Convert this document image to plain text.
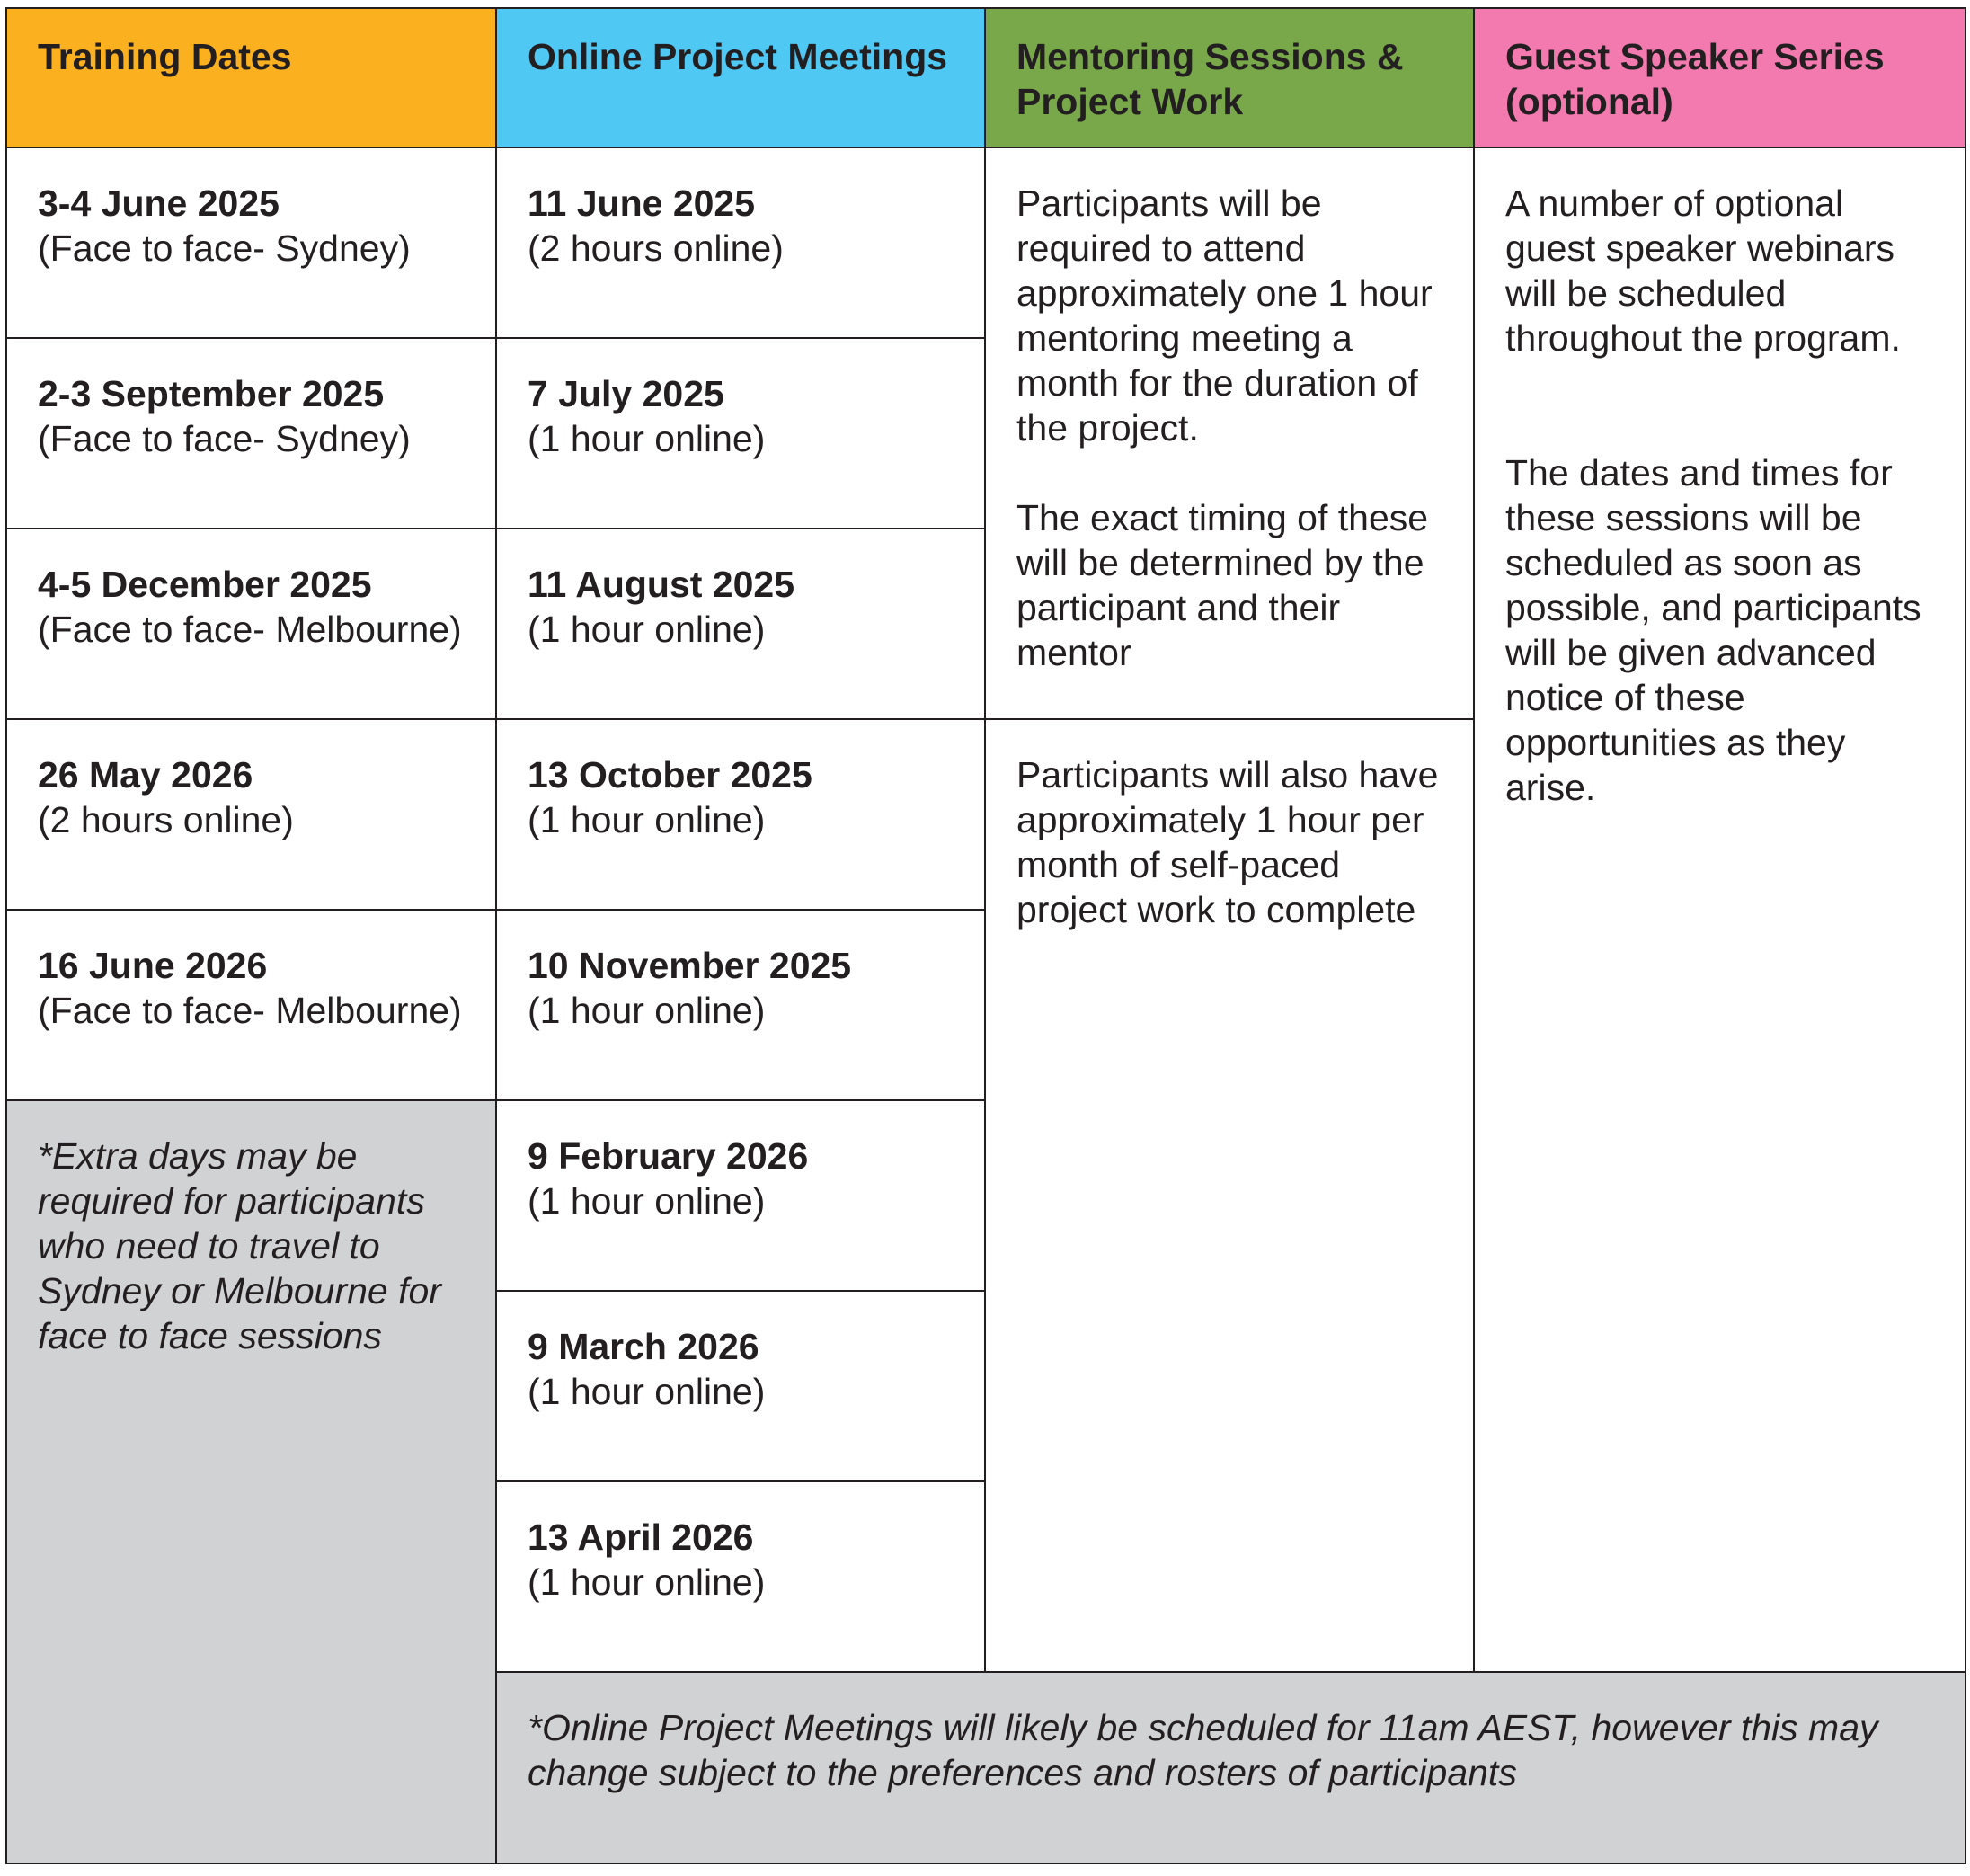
Training Dates	Online Project Meetings	Mentoring Sessions & Project Work
Guest Speaker Series (optional)
3-4 June 2025
(Face to face- Sydney)
2-3 September 2025
(Face to face- Sydney)
4-5 December 2025
(Face to face- Melbourne)
26 May 2026
(2 hours online)
16 June 2026
(Face to face- Melbourne)
*Extra days may be required for participants who need to travel to Sydney or Melbourne for face to face sessions
11 June 2025
(2 hours online)
7 July 2025
(1 hour online)
11 August 2025
(1 hour online)
13 October 2025
(1 hour online)
10 November 2025
(1 hour online)
9 February 2026
(1 hour online)
9 March 2026
(1 hour online)
13 April 2026
(1 hour online)
Participants will be required to attend approximately one 1 hour mentoring meeting a month for the duration of the project.
The exact timing of these will be determined by the participant and their mentor
Participants will also have approximately 1 hour per month of self-paced project work to complete
A number of optional guest speaker webinars will be scheduled throughout the program.
The dates and times for these sessions will be scheduled as soon as possible, and participants will be given advanced notice of these opportunities as they arise.
*Online Project Meetings will likely be scheduled for 11am AEST, however this may change subject to the preferences and rosters of participants
